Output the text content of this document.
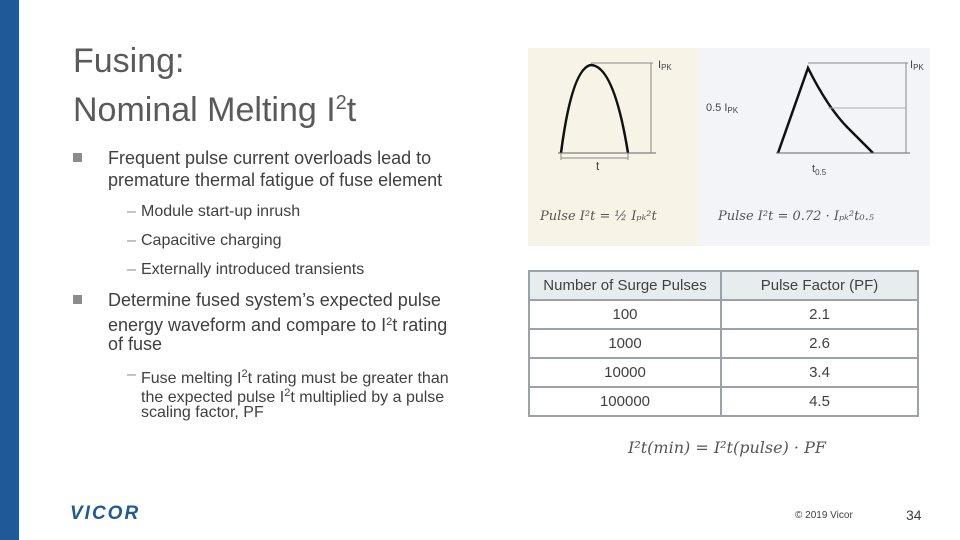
Fusing:
Nominal Melting $I^2t$
Frequent pulse current overloads lead to
premature thermal fatigue of fuse element
– Module start-up inrush
– Capacitive charging
– Externally introduced transients
Determine fused system’s expected pulse
energy waveform and compare to $I^2t$ rating
of fuse
– Fuse melting $I^2t$ rating must be greater than
the expected pulse $I^2t$ multiplied by a pulse
scaling factor, PF
IPK
t
Pulse I²t = ½ Iₚₖ²t
IPK
0.5 IPK
$t_{0.5}$
Pulse I²t = 0.72 · Iₚₖ²t₀.₅
Number of Surge Pulses	Pulse Factor (PF)
100	2.1
1000	2.6
10000	3.4
100000	4.5
I²t(min) = I²t(pulse) · PF
VICOR	© 2019 Vicor	34
